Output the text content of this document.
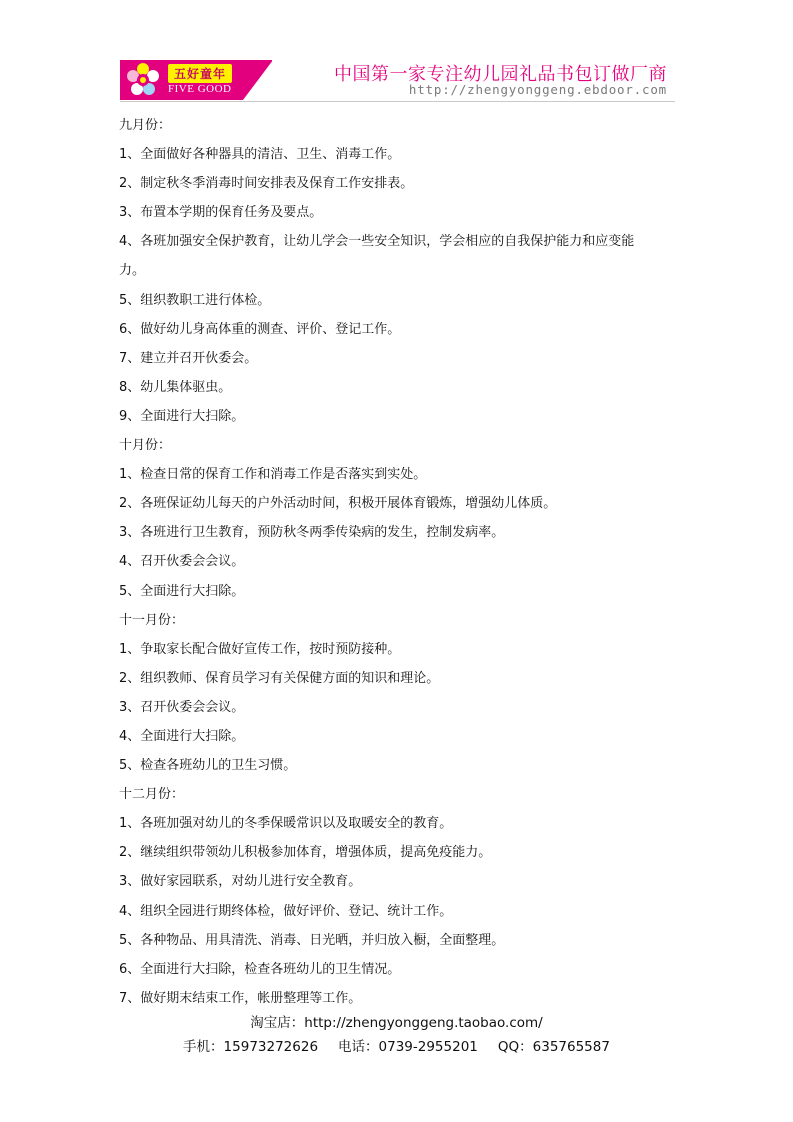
五好童年
FIVE GOOD
中国第一家专注幼儿园礼品书包订做厂商
http://zhengyonggeng.ebdoor.com
九月份：
1、全面做好各种器具的清洁、卫生、消毒工作。
2、制定秋冬季消毒时间安排表及保育工作安排表。
3、布置本学期的保育任务及要点。
4、各班加强安全保护教育，让幼儿学会一些安全知识，学会相应的自我保护能力和应变能
力。
5、组织教职工进行体检。
6、做好幼儿身高体重的测查、评价、登记工作。
7、建立并召开伙委会。
8、幼儿集体驱虫。
9、全面进行大扫除。
十月份：
1、检查日常的保育工作和消毒工作是否落实到实处。
2、各班保证幼儿每天的户外活动时间，积极开展体育锻炼，增强幼儿体质。
3、各班进行卫生教育，预防秋冬两季传染病的发生，控制发病率。
4、召开伙委会会议。
5、全面进行大扫除。
十一月份：
1、争取家长配合做好宣传工作，按时预防接种。
2、组织教师、保育员学习有关保健方面的知识和理论。
3、召开伙委会会议。
4、全面进行大扫除。
5、检查各班幼儿的卫生习惯。
十二月份：
1、各班加强对幼儿的冬季保暖常识以及取暖安全的教育。
2、继续组织带领幼儿积极参加体育，增强体质，提高免疫能力。
3、做好家园联系，对幼儿进行安全教育。
4、组织全园进行期终体检，做好评价、登记、统计工作。
5、各种物品、用具清洗、消毒、日光晒，并归放入橱，全面整理。
6、全面进行大扫除，检查各班幼儿的卫生情况。
7、做好期末结束工作，帐册整理等工作。
淘宝店：http://zhengyonggeng.taobao.com/
手机：15973272626 电话：0739-2955201 QQ：635765587
